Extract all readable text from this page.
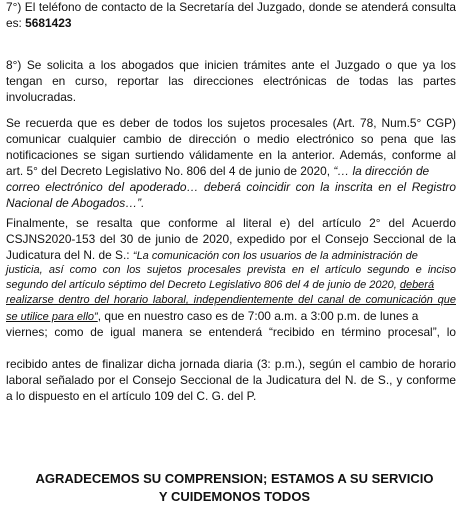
7°) El teléfono de contacto de la Secretaría del Juzgado, donde se atenderá consulta
es: 5681423
8°) Se solicita a los abogados que inicien trámites ante el Juzgado o que ya los
tengan en curso, reportar las direcciones electrónicas de todas las partes
involucradas.
Se recuerda que es deber de todos los sujetos procesales (Art. 78, Num.5° CGP)
comunicar cualquier cambio de dirección o medio electrónico so pena que las
notificaciones se sigan surtiendo válidamente en la anterior. Además, conforme al
art. 5° del Decreto Legislativo No. 806 del 4 de junio de 2020, “… la dirección de
correo electrónico del apoderado… deberá coincidir con la inscrita en el Registro
Nacional de Abogados…”.
Finalmente, se resalta que conforme al literal e) del artículo 2° del Acuerdo
CSJNS2020-153 del 30 de junio de 2020, expedido por el Consejo Seccional de la
Judicatura del N. de S.: “La comunicación con los usuarios de la administración de
justicia, así como con los sujetos procesales prevista en el artículo segundo e inciso
segundo del artículo séptimo del Decreto Legislativo 806 del 4 de junio de 2020, deberá
realizarse dentro del horario laboral, independientemente del canal de comunicación que
se utilice para ello”, que en nuestro caso es de 7:00 a.m. a 3:00 p.m. de lunes a
viernes; como de igual manera se entenderá “recibido en término procesal”, lo
recibido antes de finalizar dicha jornada diaria (3: p.m.), según el cambio de horario
laboral señalado por el Consejo Seccional de la Judicatura del N. de S., y conforme
a lo dispuesto en el artículo 109 del C. G. del P.
AGRADECEMOS SU COMPRENSION; ESTAMOS A SU SERVICIO
Y CUIDEMONOS TODOS
